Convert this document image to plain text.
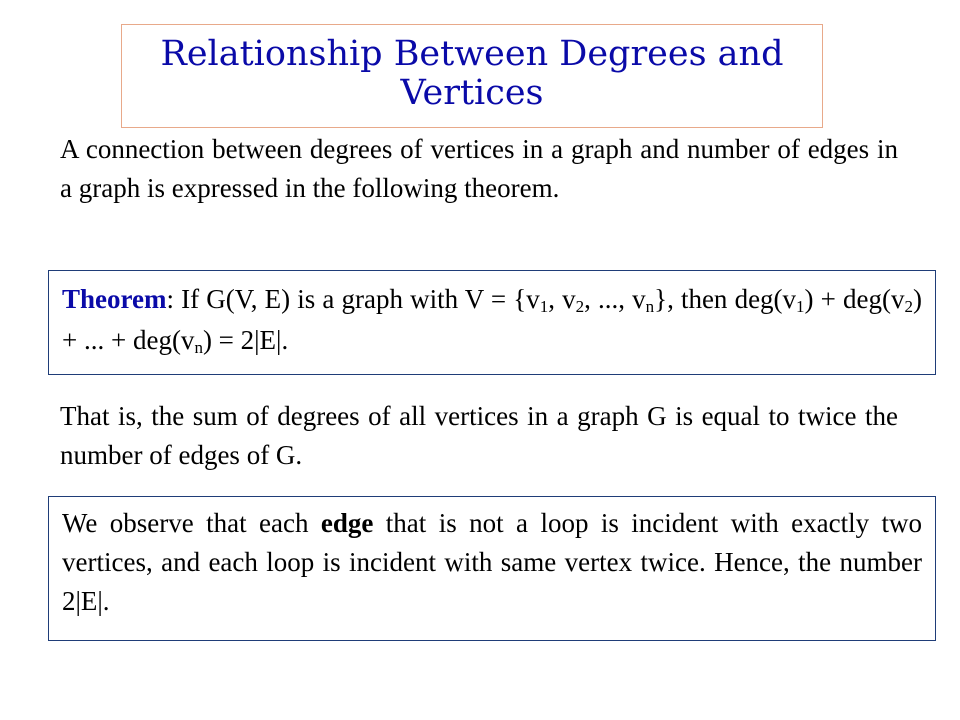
Relationship Between Degrees and
Vertices

A connection between degrees of vertices in a graph and number of edges in a graph is expressed in the following theorem.

Theorem: If G(V, E) is a graph with $V = \{v_1$, $v_2$, ..., $v_n$}, then $deg(v_1) + deg(v_2)$ + ... + $deg(v_n) = 2|E|$.

That is, the sum of degrees of all vertices in a graph G is equal to twice the number of edges of G.

We observe that each edge that is not a loop is incident with exactly two vertices, and each loop is incident with same vertex twice. Hence, the number 2|E|.
